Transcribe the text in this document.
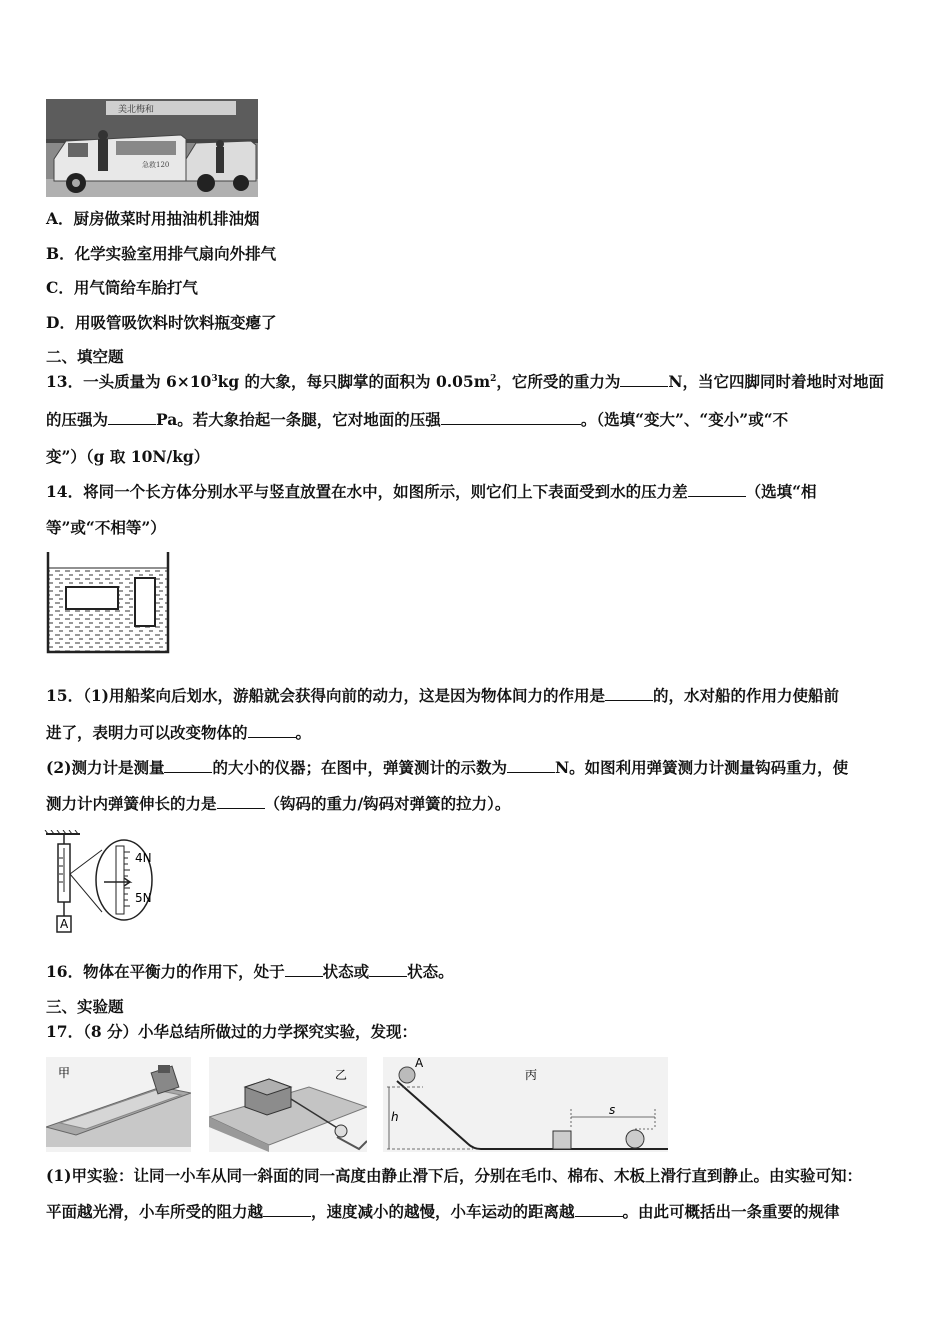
美北梅和
急救120
A．厨房做菜时用抽油机排油烟
B．化学实验室用排气扇向外排气
C．用气筒给车胎打气
D．用吸管吸饮料时饮料瓶变瘪了
二、填空题
13．一头质量为 $6\times 10^3kg$ 的大象，每只脚掌的面积为 $0.05m^2$，它所受的重力为	N，当它四脚同时着地时对地面
的压强为	Pa。若大象抬起一条腿，它对地面的压强	。（选填“变大”、“变小”或“不
变”）（g 取 10N/kg）
14．将同一个长方体分别水平与竖直放置在水中，如图所示，则它们上下表面受到水的压力差	（选填“相
等”或“不相等”）
15．（1)用船桨向后划水，游船就会获得向前的动力，这是因为物体间力的作用是	的，水对船的作用力使船前
进了，表明力可以改变物体的	。
(2)测力计是测量	的大小的仪器；在图中，弹簧测计的示数为	N。如图利用弹簧测力计测量钩码重力，使
测力计内弹簧伸长的力是	（钩码的重力/钩码对弹簧的拉力）。
A
4N
5N
16．物体在平衡力的作用下，处于 状态或 状态。
三、实验题
17．（8 分）小华总结所做过的力学探究实验，发现：
甲	乙	丙
A
h	s
(1)甲实验：让同一小车从同一斜面的同一高度由静止滑下后，分别在毛巾、棉布、木板上滑行直到静止。由实验可知：
平面越光滑，小车所受的阻力越	，速度减小的越慢，小车运动的距离越	。由此可概括出一条重要的规律
